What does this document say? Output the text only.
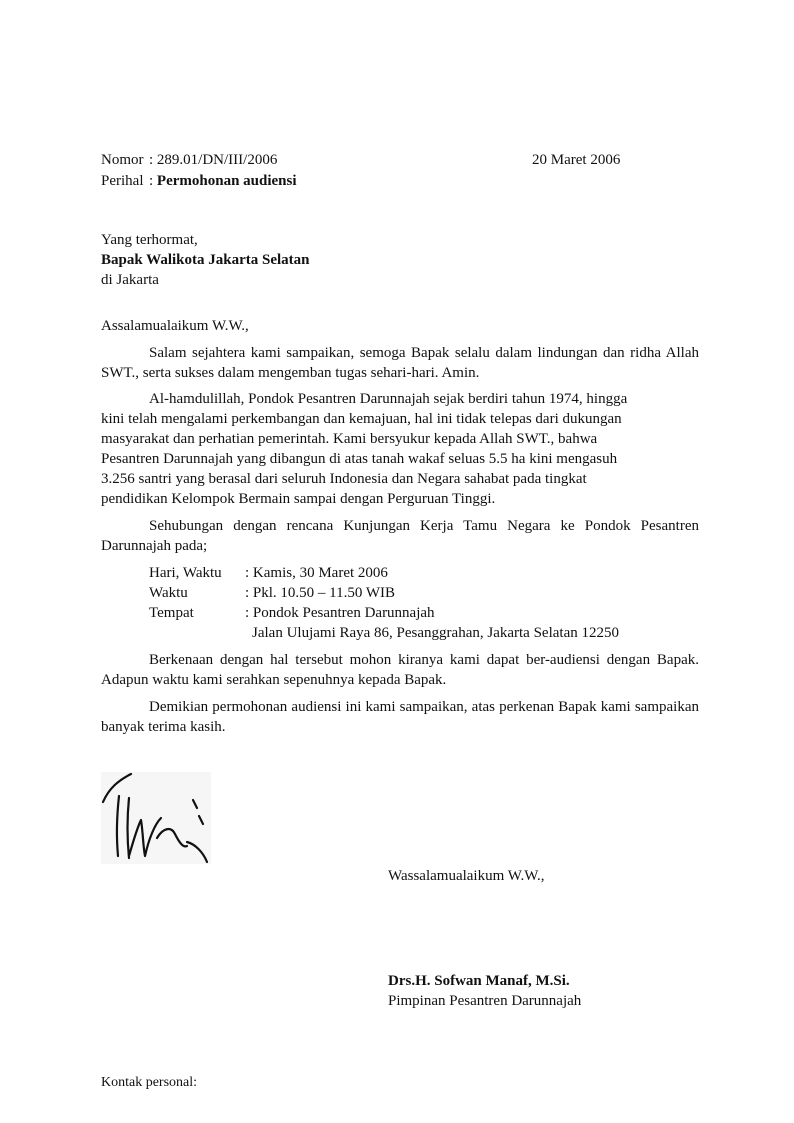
Nomor : 289.01/DN/III/2006	20 Maret 2006
Perihal : Permohonan audiensi
Yang terhormat,
Bapak Walikota Jakarta Selatan
di Jakarta
Assalamualaikum W.W.,
Salam sejahtera kami sampaikan, semoga Bapak selalu dalam lindungan dan ridha Allah SWT., serta sukses dalam mengemban tugas sehari-hari. Amin.
Al-hamdulillah, Pondok Pesantren Darunnajah sejak berdiri tahun 1974, hingga
kini telah mengalami perkembangan dan kemajuan, hal ini tidak telepas dari dukungan
masyarakat dan perhatian pemerintah. Kami bersyukur kepada Allah SWT., bahwa
Pesantren Darunnajah yang dibangun di atas tanah wakaf seluas 5.5 ha kini mengasuh
3.256 santri yang berasal dari seluruh Indonesia dan Negara sahabat pada tingkat
pendidikan Kelompok Bermain sampai dengan Perguruan Tinggi.
Sehubungan dengan rencana Kunjungan Kerja Tamu Negara ke Pondok Pesantren Darunnajah pada;
Hari, Waktu : Kamis, 30 Maret 2006
Waktu	: Pkl. 10.50 – 11.50 WIB
Tempat	: Pondok Pesantren Darunnajah
Jalan Ulujami Raya 86, Pesanggrahan, Jakarta Selatan 12250
Berkenaan dengan hal tersebut mohon kiranya kami dapat ber-audiensi dengan Bapak. Adapun waktu kami serahkan sepenuhnya kepada Bapak.
Demikian permohonan audiensi ini kami sampaikan, atas perkenan Bapak kami sampaikan banyak terima kasih.
Wassalamualaikum W.W.,
Drs.H. Sofwan Manaf, M.Si.
Pimpinan Pesantren Darunnajah
Kontak personal:
